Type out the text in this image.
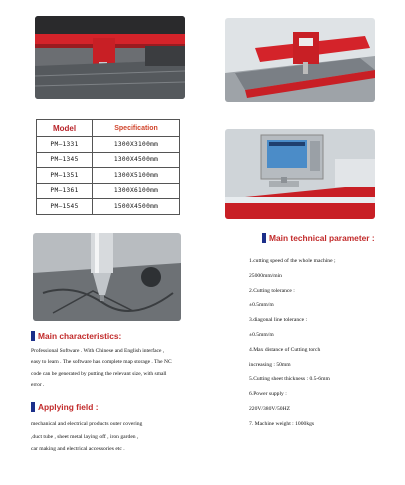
Model	Specification
PM—1331	1300X3100mm
PM—1345	1300X4500mm
PM—1351	1300X5100mm
PM—1361	1300X6100mm
PM—1545	1500X4500mm
Main technical parameter :
1.cutting speed of the whole machine ;
25000mm/min
2.Cutting tolerance :
±0.5mm/m
3.diagonal line tolerance :
±0.5mm/m
4.Max distance of Cutting torch
increasing : 50mm
5.Cutting sheet thickness : 0.5-6mm
6.Power supply :
220V/380V/50HZ
7. Machine weight : 1000kgs
Main characteristics:
Professional Software . With Chinese and English interface ,
easy to learn . The software has complete map storage . The NC
code can be generated by putting the relevant size, with small
error .
Applying field :
mechanical and electrical products outer covering
,duct tube , sheet metal laying off , iron garden ,
car making and electrical accessories etc .
